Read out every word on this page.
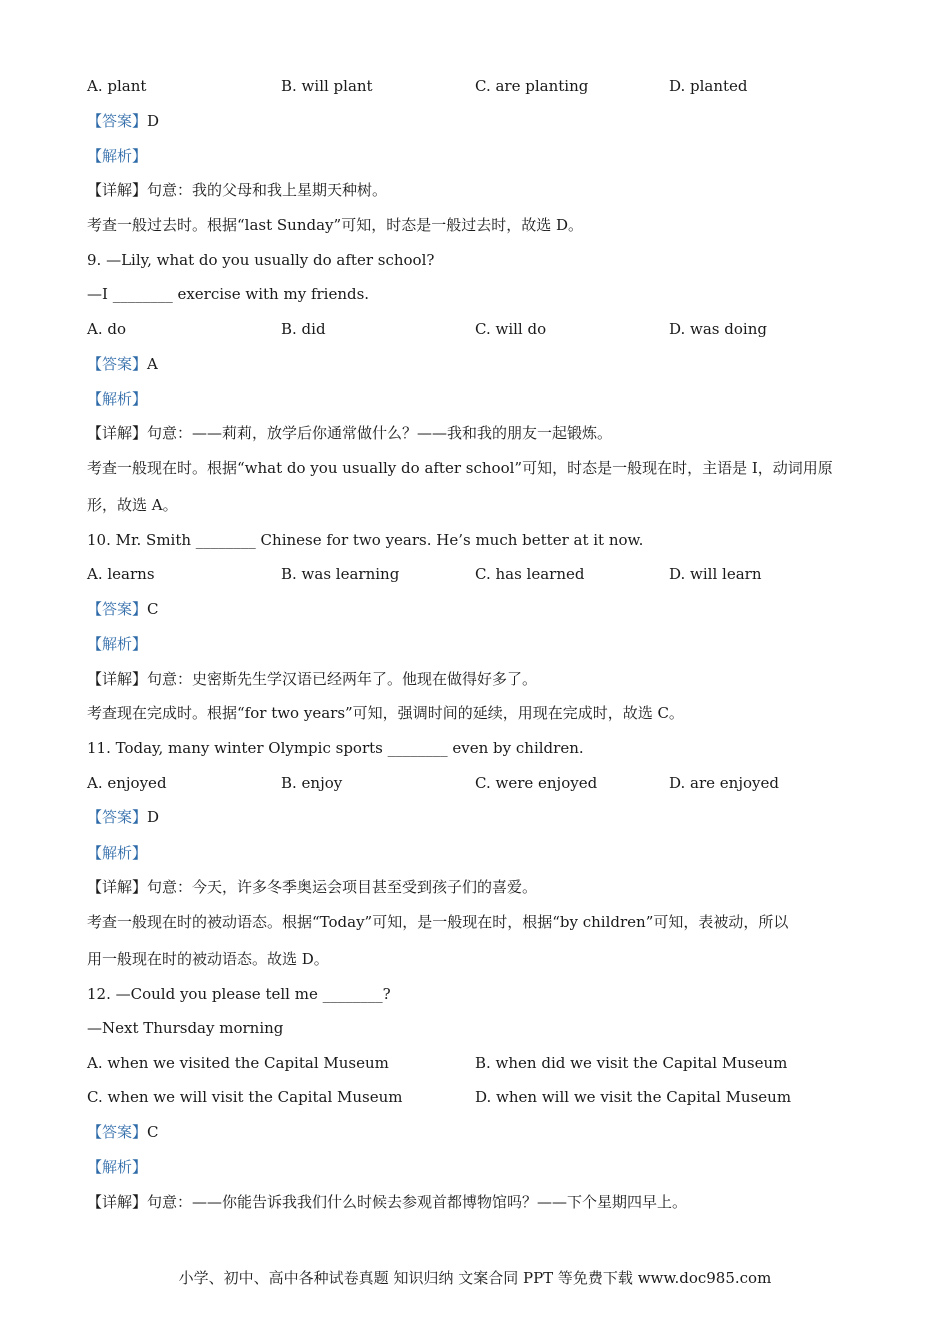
A. plant	B. will plant	C. are planting	D. planted
【答案】D
【解析】
【详解】句意：我的父母和我上星期天种树。
考查一般过去时。根据“last Sunday”可知，时态是一般过去时，故选 D。
9. —Lily, what do you usually do after school?
—I ________ exercise with my friends.
A. do	B. did	C. will do	D. was doing
【答案】A
【解析】
【详解】句意：——莉莉，放学后你通常做什么？——我和我的朋友一起锻炼。
考查一般现在时。根据“what do you usually do after school”可知，时态是一般现在时，主语是 I，动词用原
形，故选 A。
10. Mr. Smith ________ Chinese for two years. He’s much better at it now.
A. learns	B. was learning	C. has learned	D. will learn
【答案】C
【解析】
【详解】句意：史密斯先生学汉语已经两年了。他现在做得好多了。
考查现在完成时。根据“for two years”可知，强调时间的延续，用现在完成时，故选 C。
11. Today, many winter Olympic sports ________ even by children.
A. enjoyed	B. enjoy	C. were enjoyed	D. are enjoyed
【答案】D
【解析】
【详解】句意：今天，许多冬季奥运会项目甚至受到孩子们的喜爱。
考查一般现在时的被动语态。根据“Today”可知，是一般现在时，根据“by children”可知，表被动，所以
用一般现在时的被动语态。故选 D。
12. —Could you please tell me ________?
—Next Thursday morning
A. when we visited the Capital Museum	B. when did we visit the Capital Museum
C. when we will visit the Capital Museum	D. when will we visit the Capital Museum
【答案】C
【解析】
【详解】句意：——你能告诉我我们什么时候去参观首都博物馆吗？——下个星期四早上。
小学、初中、高中各种试卷真题 知识归纳 文案合同 PPT 等免费下载 www.doc985.com
